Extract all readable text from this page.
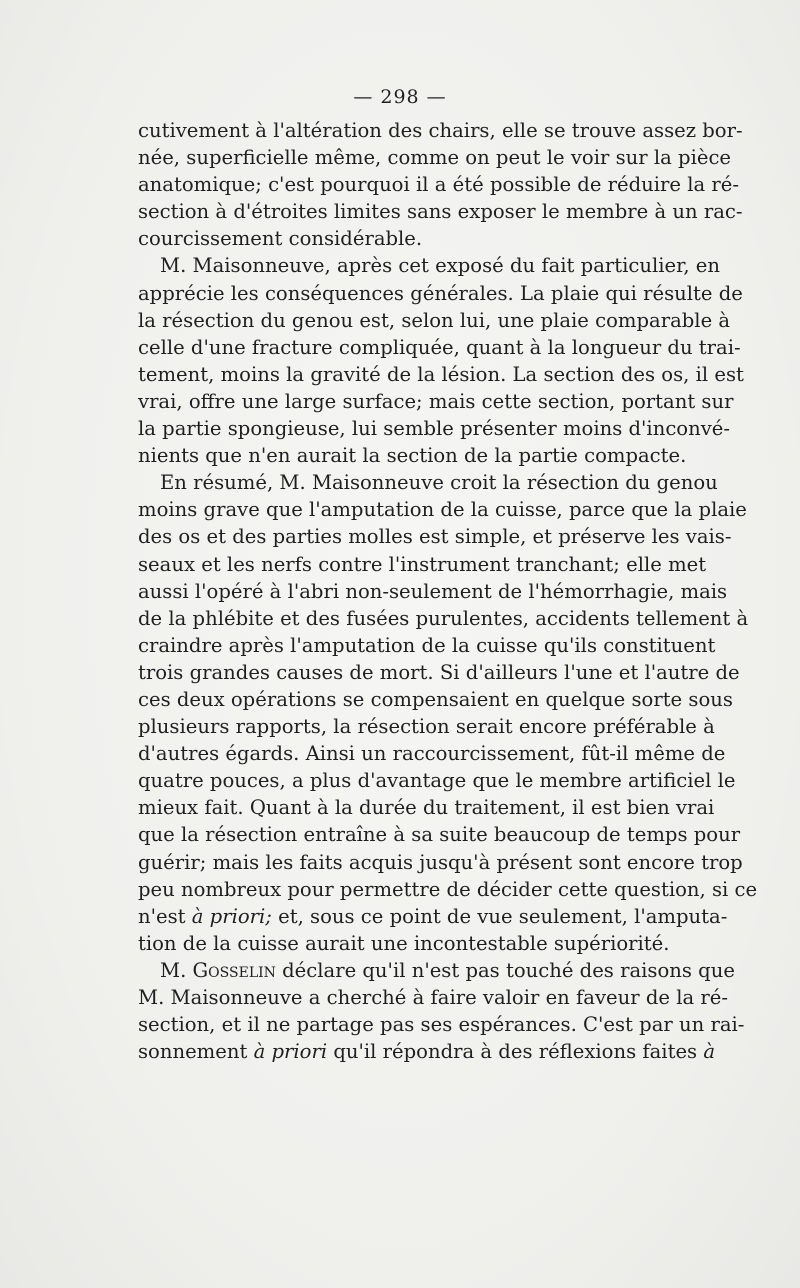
— 298 —

cutivement à l'altération des chairs, elle se trouve assez bor-
née, superficielle même, comme on peut le voir sur la pièce
anatomique; c'est pourquoi il a été possible de réduire la ré-
section à d'étroites limites sans exposer le membre à un rac-
courcissement considérable.

M. Maisonneuve, après cet exposé du fait particulier, en
apprécie les conséquences générales. La plaie qui résulte de
la résection du genou est, selon lui, une plaie comparable à
celle d'une fracture compliquée, quant à la longueur du trai-
tement, moins la gravité de la lésion. La section des os, il est
vrai, offre une large surface; mais cette section, portant sur
la partie spongieuse, lui semble présenter moins d'inconvé-
nients que n'en aurait la section de la partie compacte.

En résumé, M. Maisonneuve croit la résection du genou
moins grave que l'amputation de la cuisse, parce que la plaie
des os et des parties molles est simple, et préserve les vais-
seaux et les nerfs contre l'instrument tranchant; elle met
aussi l'opéré à l'abri non-seulement de l'hémorrhagie, mais
de la phlébite et des fusées purulentes, accidents tellement à
craindre après l'amputation de la cuisse qu'ils constituent
trois grandes causes de mort. Si d'ailleurs l'une et l'autre de
ces deux opérations se compensaient en quelque sorte sous
plusieurs rapports, la résection serait encore préférable à
d'autres égards. Ainsi un raccourcissement, fût-il même de
quatre pouces, a plus d'avantage que le membre artificiel le
mieux fait. Quant à la durée du traitement, il est bien vrai
que la résection entraîne à sa suite beaucoup de temps pour
guérir; mais les faits acquis jusqu'à présent sont encore trop
peu nombreux pour permettre de décider cette question, si ce
n'est à priori; et, sous ce point de vue seulement, l'amputa-
tion de la cuisse aurait une incontestable supériorité.

M. Gosselin déclare qu'il n'est pas touché des raisons que
M. Maisonneuve a cherché à faire valoir en faveur de la ré-
section, et il ne partage pas ses espérances. C'est par un rai-
sonnement à priori qu'il répondra à des réflexions faites à
